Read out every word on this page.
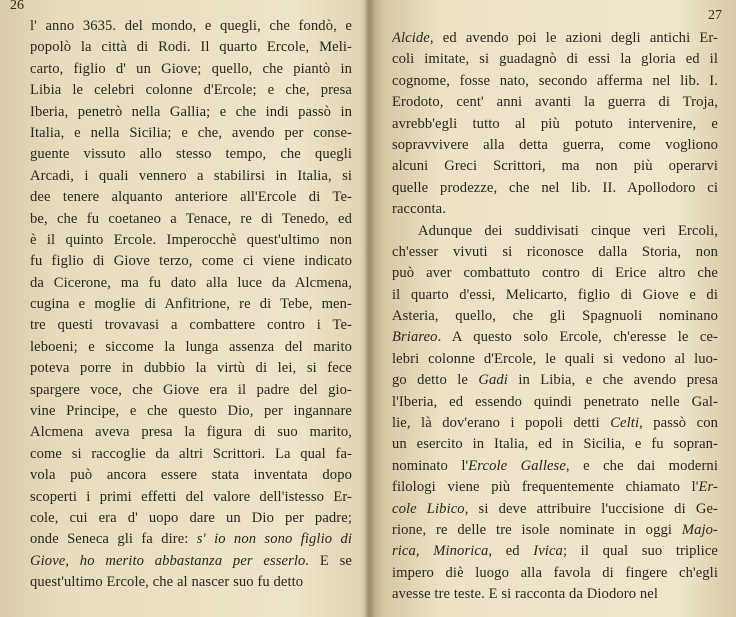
26
l' anno 3635. del mondo, e quegli, che fondò, e
popolò la città di Rodi. Il quarto Ercole, Meli-
carto, figlio d' un Giove; quello, che piantò in
Libia le celebri colonne d'Ercole; e che, presa
Iberia, penetrò nella Gallia; e che indi passò in
Italia, e nella Sicilia; e che, avendo per conse-
guente vissuto allo stesso tempo, che quegli
Arcadi, i quali vennero a stabilirsi in Italia, si
dee tenere alquanto anteriore all'Ercole di Te-
be, che fu coetaneo a Tenace, re di Tenedo, ed
è il quinto Ercole. Imperocchè quest'ultimo non
fu figlio di Giove terzo, come ci viene indicato
da Cicerone, ma fu dato alla luce da Alcmena,
cugina e moglie di Anfitrione, re di Tebe, men-
tre questi trovavasi a combattere contro i Te-
leboeni; e siccome la lunga assenza del marito
poteva porre in dubbio la virtù di lei, si fece
spargere voce, che Giove era il padre del gio-
vine Principe, e che questo Dio, per ingannare
Alcmena aveva presa la figura di suo marito,
come si raccoglie da altri Scrittori. La qual fa-
vola può ancora essere stata inventata dopo
scoperti i primi effetti del valore dell'istesso Er-
cole, cui era d' uopo dare un Dio per padre;
onde Seneca gli fa dire: s' io non sono figlio di
Giove, ho merito abbastanza per esserlo. E se
quest'ultimo Ercole, che al nascer suo fu detto
27
Alcide, ed avendo poi le azioni degli antichi Er-
coli imitate, si guadagnò di essi la gloria ed il
cognome, fosse nato, secondo afferma nel lib. I.
Erodoto, cent' anni avanti la guerra di Troja,
avrebb'egli tutto al più potuto intervenire, e
sopravvivere alla detta guerra, come vogliono
alcuni Greci Scrittori, ma non più operarvi
quelle prodezze, che nel lib. II. Apollodoro ci
racconta.
Adunque dei suddivisati cinque veri Ercoli,
ch'esser vivuti si riconosce dalla Storia, non
può aver combattuto contro di Erice altro che
il quarto d'essi, Melicarto, figlio di Giove e di
Asteria, quello, che gli Spagnuoli nominano
Briareo. A questo solo Ercole, ch'eresse le ce-
lebri colonne d'Ercole, le quali si vedono al luo-
go detto le Gadi in Libia, e che avendo presa
l'Iberia, ed essendo quindi penetrato nelle Gal-
lie, là dov'erano i popoli detti Celti, passò con
un esercito in Italia, ed in Sicilia, e fu sopran-
nominato l'Ercole Gallese, e che dai moderni
filologi viene più frequentemente chiamato l'Er-
cole Libico, si deve attribuire l'uccisione di Ge-
rione, re delle tre isole nominate in oggi Majo-
rica, Minorica, ed Ivica; il qual suo triplice
impero diè luogo alla favola di fingere ch'egli
avesse tre teste. E si racconta da Diodoro nel
